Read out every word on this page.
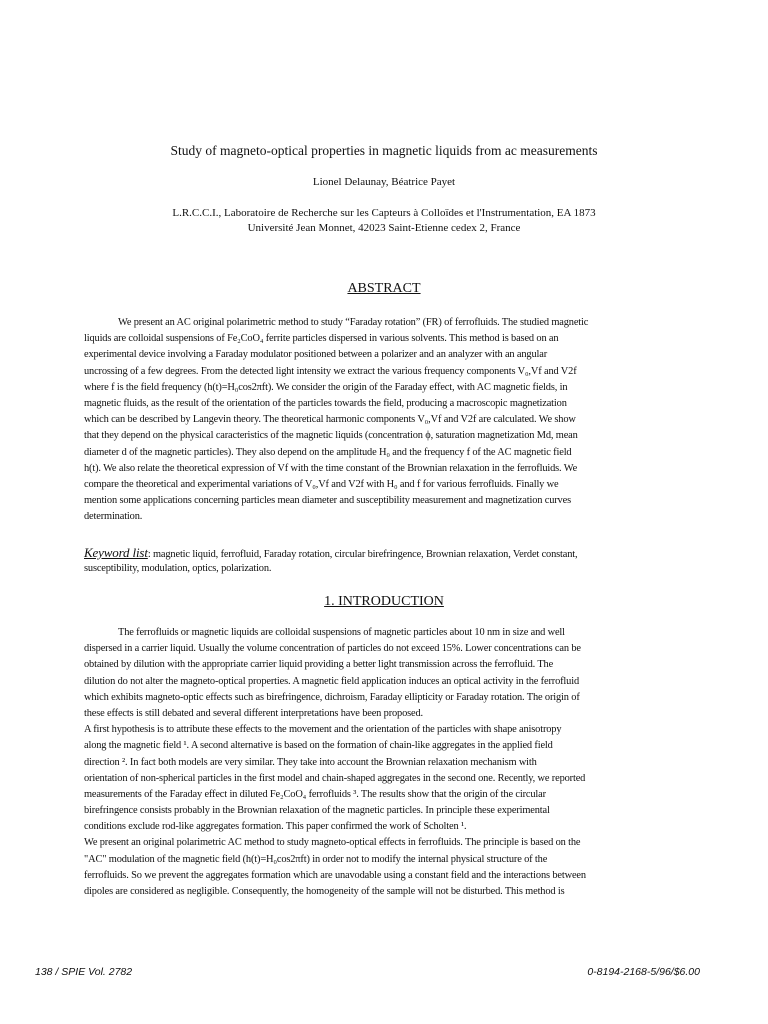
Study of magneto-optical properties in magnetic liquids from ac measurements
Lionel Delaunay, Béatrice Payet
L.R.C.C.I., Laboratoire de Recherche sur les Capteurs à Colloïdes et l'Instrumentation, EA 1873
Université Jean Monnet, 42023 Saint-Etienne cedex 2, France
ABSTRACT
We present an AC original polarimetric method to study “Faraday rotation” (FR) of ferrofluids. The studied magnetic
liquids are colloidal suspensions of Fe₂CoO₄ ferrite particles dispersed in various solvents. This method is based on an
experimental device involving a Faraday modulator positioned between a polarizer and an analyzer with an angular
uncrossing of a few degrees. From the detected light intensity we extract the various frequency components V₀,Vf and V2f
where f is the field frequency (h(t)=H₀cos2πft). We consider the origin of the Faraday effect, with AC magnetic fields, in
magnetic fluids, as the result of the orientation of the particles towards the field, producing a macroscopic magnetization
which can be described by Langevin theory. The theoretical harmonic components V₀,Vf and V2f are calculated. We show
that they depend on the physical caracteristics of the magnetic liquids (concentration ϕ, saturation magnetization Md, mean
diameter d of the magnetic particles). They also depend on the amplitude H₀ and the frequency f of the AC magnetic field
h(t). We also relate the theoretical expression of Vf with the time constant of the Brownian relaxation in the ferrofluids. We
compare the theoretical and experimental variations of V₀,Vf and V2f with H₀ and f for various ferrofluids. Finally we
mention some applications concerning particles mean diameter and susceptibility measurement and magnetization curves
determination.
Keyword list: magnetic liquid, ferrofluid, Faraday rotation, circular birefringence, Brownian relaxation, Verdet constant,
susceptibility, modulation, optics, polarization.
1. INTRODUCTION
The ferrofluids or magnetic liquids are colloidal suspensions of magnetic particles about 10 nm in size and well
dispersed in a carrier liquid. Usually the volume concentration of particles do not exceed 15%. Lower concentrations can be
obtained by dilution with the appropriate carrier liquid providing a better light transmission across the ferrofluid. The
dilution do not alter the magneto-optical properties. A magnetic field application induces an optical activity in the ferrofluid
which exhibits magneto-optic effects such as birefringence, dichroism, Faraday ellipticity or Faraday rotation. The origin of
these effects is still debated and several different interpretations have been proposed.
A first hypothesis is to attribute these effects to the movement and the orientation of the particles with shape anisotropy
along the magnetic field ¹. A second alternative is based on the formation of chain-like aggregates in the applied field
direction ². In fact both models are very similar. They take into account the Brownian relaxation mechanism with
orientation of non-spherical particles in the first model and chain-shaped aggregates in the second one. Recently, we reported
measurements of the Faraday effect in diluted Fe₂CoO₄ ferrofluids ³. The results show that the origin of the circular
birefringence consists probably in the Brownian relaxation of the magnetic particles. In principle these experimental
conditions exclude rod-like aggregates formation. This paper confirmed the work of Scholten ¹.
We present an original polarimetric AC method to study magneto-optical effects in ferrofluids. The principle is based on the
"AC" modulation of the magnetic field (h(t)=H₀cos2πft) in order not to modify the internal physical structure of the
ferrofluids. So we prevent the aggregates formation which are unavodable using a constant field and the interactions between
dipoles are considered as negligible. Consequently, the homogeneity of the sample will not be disturbed. This method is
138 / SPIE Vol. 2782	0-8194-2168-5/96/$6.00
